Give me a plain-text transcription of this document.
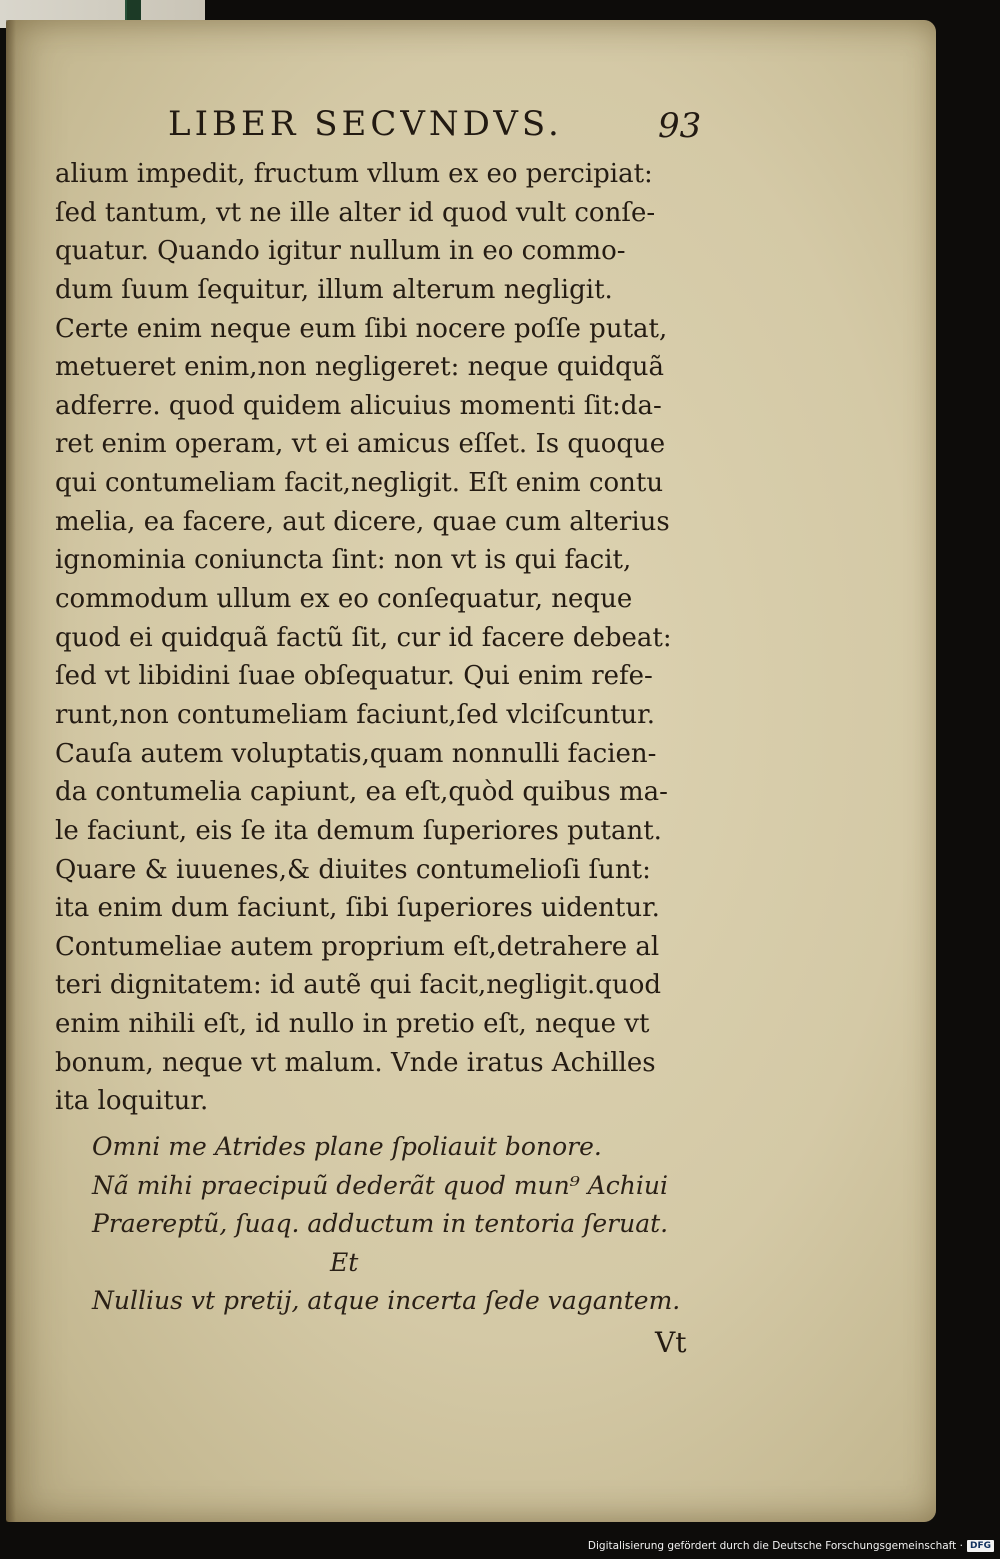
LIBER SECVNDVS.	93
alium impedit, fructum vllum ex eo percipiat:
ſed tantum, vt ne ille alter id quod vult conſe-
quatur. Quando igitur nullum in eo commo-
dum ſuum ſequitur, illum alterum negligit.
Certe enim neque eum ſibi nocere poſſe putat,
metueret enim,non negligeret: neque quidquã
adferre. quod quidem alicuius momenti ſit:da-
ret enim operam, vt ei amicus eſſet. Is quoque
qui contumeliam facit,negligit. Eſt enim contu
melia, ea facere, aut dicere, quae cum alterius
ignominia coniuncta ſint: non vt is qui facit,
commodum ullum ex eo conſequatur, neque
quod ei quidquã factũ ſit, cur id facere debeat:
ſed vt libidini ſuae obſequatur. Qui enim refe-
runt,non contumeliam faciunt,ſed vlciſcuntur.
Cauſa autem voluptatis,quam nonnulli facien-
da contumelia capiunt, ea eſt,quòd quibus ma-
le faciunt, eis ſe ita demum ſuperiores putant.
Quare & iuuenes,& diuites contumelioſi ſunt:
ita enim dum faciunt, ſibi ſuperiores uidentur.
Contumeliae autem proprium eſt,detrahere al
teri dignitatem: id autẽ qui facit,negligit.quod
enim nihili eſt, id nullo in pretio eſt, neque vt
bonum, neque vt malum. Vnde iratus Achilles
ita loquitur.
Omni me Atrides plane ſpoliauit bonore.
Nã mihi praecipuũ dederãt quod mun⁹ Achiui
Praereptũ, ſuaq. adductum in tentoria ſeruat.
Et
Nullius vt pretij, atque incerta ſede vagantem.
Vt
Digitalisierung gefördert durch die Deutsche Forschungsgemeinschaft · DFG
